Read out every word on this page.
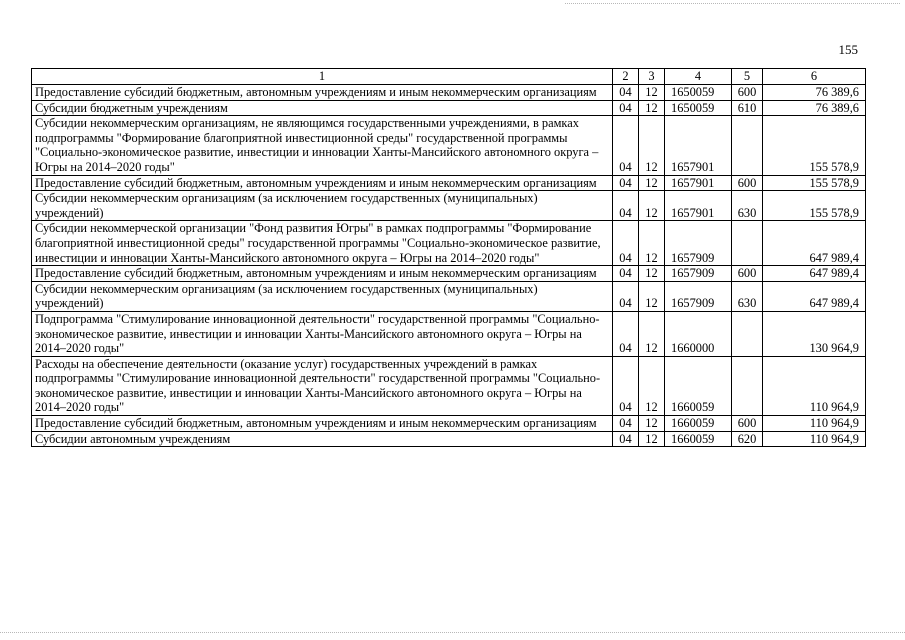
155
1	2	3	4	5	6
Предоставление субсидий бюджетным, автономным учреждениям и иным некоммерческим организациям	04	12	1650059	600	76 389,6
Субсидии бюджетным учреждениям	04	12	1650059	610	76 389,6
Субсидии некоммерческим организациям, не являющимся государственными учреждениями, в рамках подпрограммы "Формирование благоприятной инвестиционной среды" государственной программы "Социально-экономическое развитие, инвестиции и инновации Ханты-Мансийского автономного округа – Югры на 2014–2020 годы"	04	12	1657901		155 578,9
Предоставление субсидий бюджетным, автономным учреждениям и иным некоммерческим организациям	04	12	1657901	600	155 578,9
Субсидии некоммерческим организациям (за исключением государственных (муниципальных) учреждений)	04	12	1657901	630	155 578,9
Субсидии некоммерческой организации "Фонд развития Югры" в рамках подпрограммы "Формирование благоприятной инвестиционной среды" государственной программы "Социально-экономическое развитие, инвестиции и инновации Ханты-Мансийского автономного округа – Югры на 2014–2020 годы"	04	12	1657909		647 989,4
Предоставление субсидий бюджетным, автономным учреждениям и иным некоммерческим организациям	04	12	1657909	600	647 989,4
Субсидии некоммерческим организациям (за исключением государственных (муниципальных) учреждений)	04	12	1657909	630	647 989,4
Подпрограмма "Стимулирование инновационной деятельности" государственной программы "Социально-экономическое развитие, инвестиции и инновации Ханты-Мансийского автономного округа – Югры на 2014–2020 годы"	04	12	1660000		130 964,9
Расходы на обеспечение деятельности (оказание услуг) государственных учреждений в рамках подпрограммы "Стимулирование инновационной деятельности" государственной программы "Социально-экономическое развитие, инвестиции и инновации Ханты-Мансийского автономного округа – Югры на 2014–2020 годы"	04	12	1660059		110 964,9
Предоставление субсидий бюджетным, автономным учреждениям и иным некоммерческим организациям	04	12	1660059	600	110 964,9
Субсидии автономным учреждениям	04	12	1660059	620	110 964,9
